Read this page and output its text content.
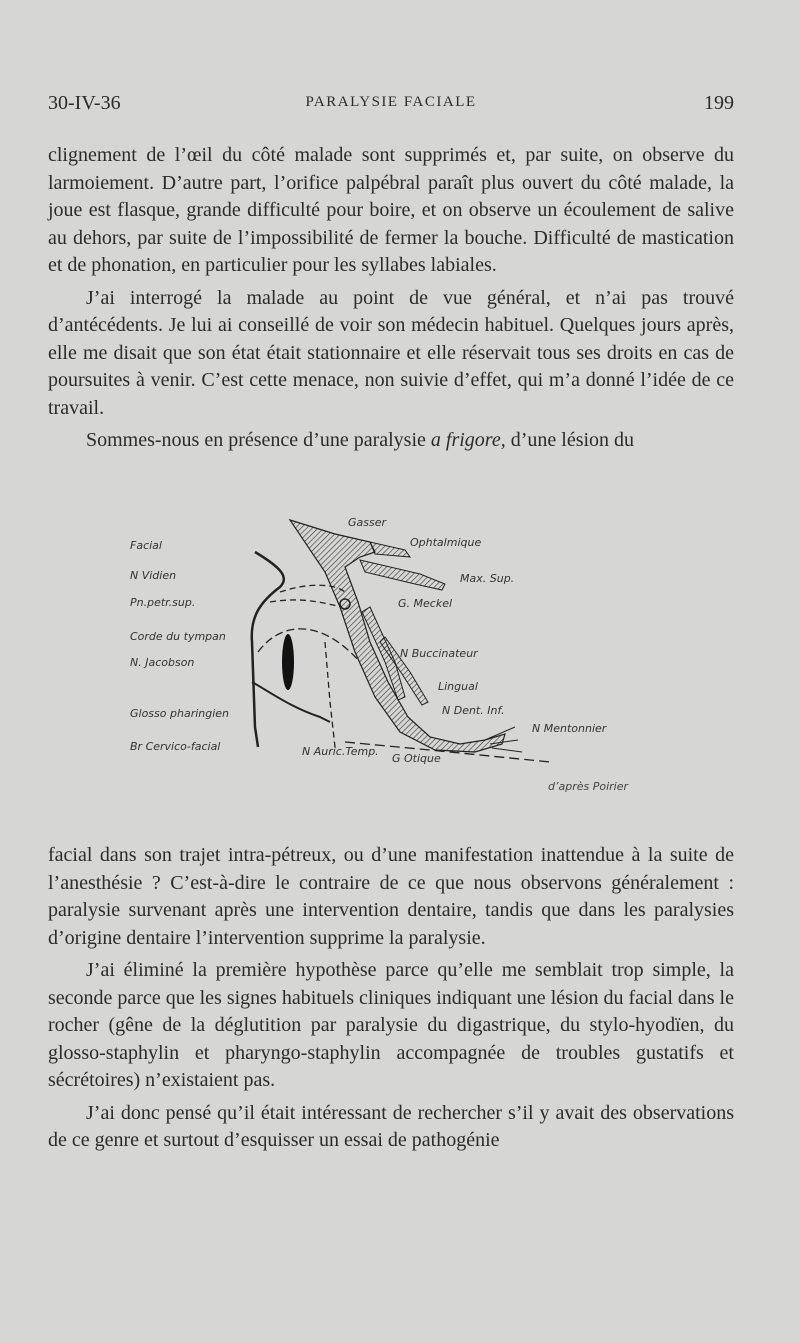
30-IV-36	PARALYSIE FACIALE	199

clignement de l’œil du côté malade sont supprimés et, par suite, on observe du larmoiement. D’autre part, l’orifice palpébral paraît plus ouvert du côté malade, la joue est flasque, grande difficulté pour boire, et on observe un écoulement de salive au dehors, par suite de l’impossibilité de fermer la bouche. Difficulté de mastication et de phonation, en particulier pour les syllabes labiales.

J’ai interrogé la malade au point de vue général, et n’ai pas trouvé d’antécédents. Je lui ai conseillé de voir son médecin habituel. Quelques jours après, elle me disait que son état était stationnaire et elle réservait tous ses droits en cas de poursuites à venir. C’est cette menace, non suivie d’effet, qui m’a donné l’idée de ce travail.

Sommes-nous en présence d’une paralysie a frigore, d’une lésion du

Facial
N Vidien
Pn.petr.sup.
Corde du tympan
N. Jacobson
Glosso pharingien
Br Cervico-facial
Gasser
Ophtalmique
Max. Sup.
G. Meckel
N Buccinateur
Lingual
N Dent. Inf.
N Mentonnier
N Auric.Temp.
G Otique
d’après Poirier

facial dans son trajet intra-pétreux, ou d’une manifestation inattendue à la suite de l’anesthésie ? C’est-à-dire le contraire de ce que nous observons généralement : paralysie survenant après une intervention dentaire, tandis que dans les paralysies d’origine dentaire l’intervention supprime la paralysie.

J’ai éliminé la première hypothèse parce qu’elle me semblait trop simple, la seconde parce que les signes habituels cliniques indiquant une lésion du facial dans le rocher (gêne de la déglutition par paralysie du digastrique, du stylo-hyodïen, du glosso-staphylin et pharyngo-staphylin accompagnée de troubles gustatifs et sécrétoires) n’existaient pas.

J’ai donc pensé qu’il était intéressant de rechercher s’il y avait des observations de ce genre et surtout d’esquisser un essai de pathogénie
